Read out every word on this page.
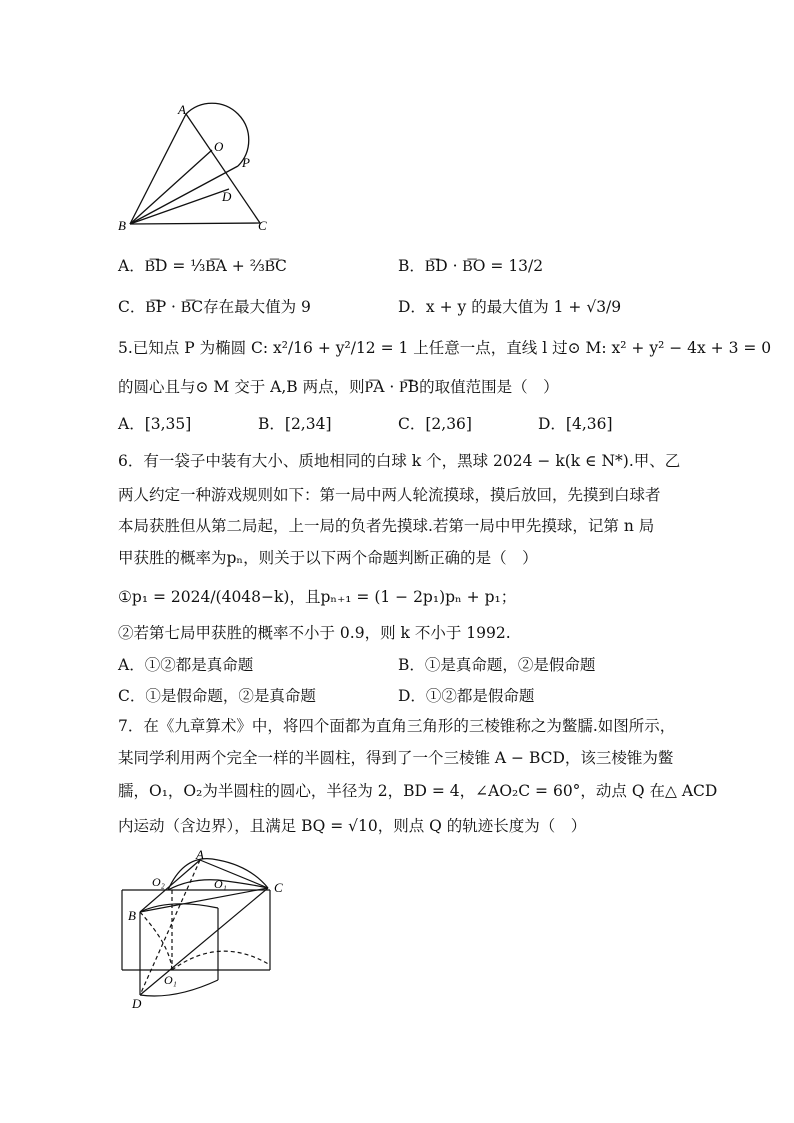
A
O
P
D
B	C
A．B͞D = ⅓B͞A + ⅔B͞C	B．B͞D · B͞O = 13/2
C．B͞P · B͞C存在最大值为 9	D．x + y 的最大值为 1 + √3/9
5.已知点 P 为椭圆 C: x²/16 + y²/12 = 1 上任意一点，直线 l 过⊙ M: x² + y² − 4x + 3 = 0
的圆心且与⊙ M 交于 A,B 两点，则P͞A · P͞B的取值范围是（　）
A．[3,35]	B．[2,34]	C．[2,36]	D．[4,36]
6．有一袋子中装有大小、质地相同的白球 k 个，黑球 2024 − k(k ∈ N*).甲、乙
两人约定一种游戏规则如下：第一局中两人轮流摸球，摸后放回，先摸到白球者
本局获胜但从第二局起，上一局的负者先摸球.若第一局中甲先摸球，记第 n 局
甲获胜的概率为pₙ，则关于以下两个命题判断正确的是（　）
①p₁ = 2024/(4048−k)，且pₙ₊₁ = (1 − 2p₁)pₙ + p₁；
②若第七局甲获胜的概率不小于 0.9，则 k 不小于 1992.
A．①②都是真命题	B．①是真命题，②是假命题
C．①是假命题，②是真命题	D．①②都是假命题
7．在《九章算术》中，将四个面都为直角三角形的三棱锥称之为鳖臑.如图所示，
某同学利用两个完全一样的半圆柱，得到了一个三棱锥 A − BCD，该三棱锥为鳖
臑，O₁，O₂为半圆柱的圆心，半径为 2，BD = 4，∠AO₂C = 60°，动点 Q 在△ ACD
内运动（含边界），且满足 BQ = √10，则点 Q 的轨迹长度为（　）
A
O₂	O₁	C
B
O₁
D
